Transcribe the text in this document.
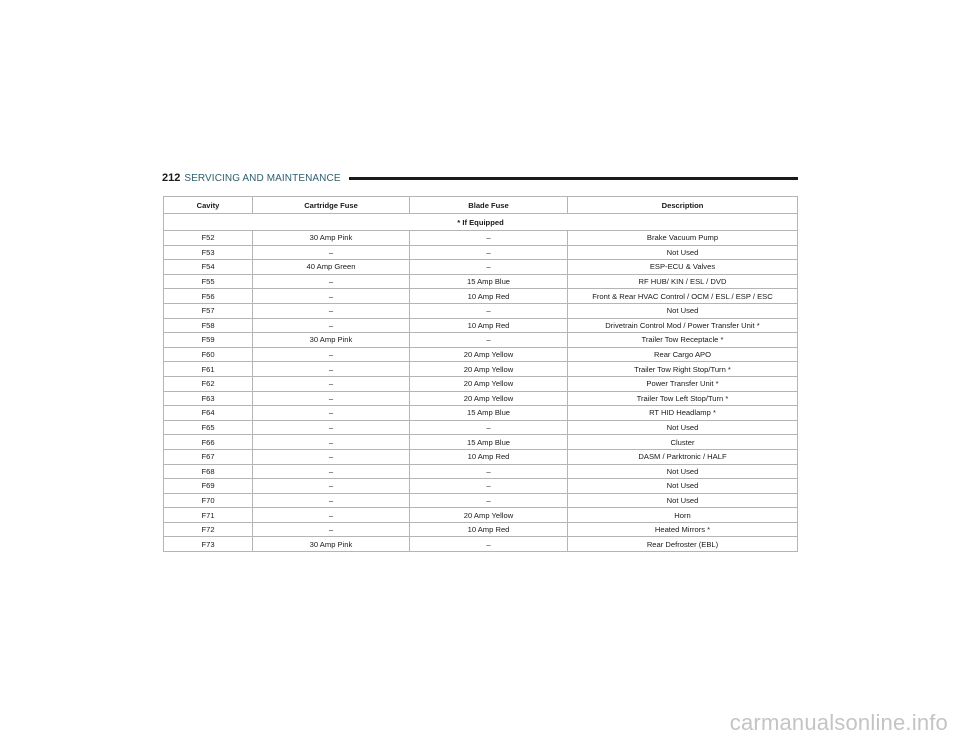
212 SERVICING AND MAINTENANCE
Cavity	Cartridge Fuse	Blade Fuse	Description
* If Equipped			
F52	30 Amp Pink	–	Brake Vacuum Pump
F53	–	–	Not Used
F54	40 Amp Green	–	ESP-ECU & Valves
F55	–	15 Amp Blue	RF HUB/ KIN / ESL / DVD
F56	–	10 Amp Red	Front & Rear HVAC Control / OCM / ESL / ESP / ESC
F57	–	–	Not Used
F58	–	10 Amp Red	Drivetrain Control Mod / Power Transfer Unit *
F59	30 Amp Pink	–	Trailer Tow Receptacle *
F60	–	20 Amp Yellow	Rear Cargo APO
F61	–	20 Amp Yellow	Trailer Tow Right Stop/Turn *
F62	–	20 Amp Yellow	Power Transfer Unit *
F63	–	20 Amp Yellow	Trailer Tow Left Stop/Turn *
F64	–	15 Amp Blue	RT HID Headlamp *
F65	–	–	Not Used
F66	–	15 Amp Blue	Cluster
F67	–	10 Amp Red	DASM / Parktronic / HALF
F68	–	–	Not Used
F69	–	–	Not Used
F70	–	–	Not Used
F71	–	20 Amp Yellow	Horn
F72	–	10 Amp Red	Heated Mirrors *
F73	30 Amp Pink	–	Rear Defroster (EBL)
carmanualsonline.info
